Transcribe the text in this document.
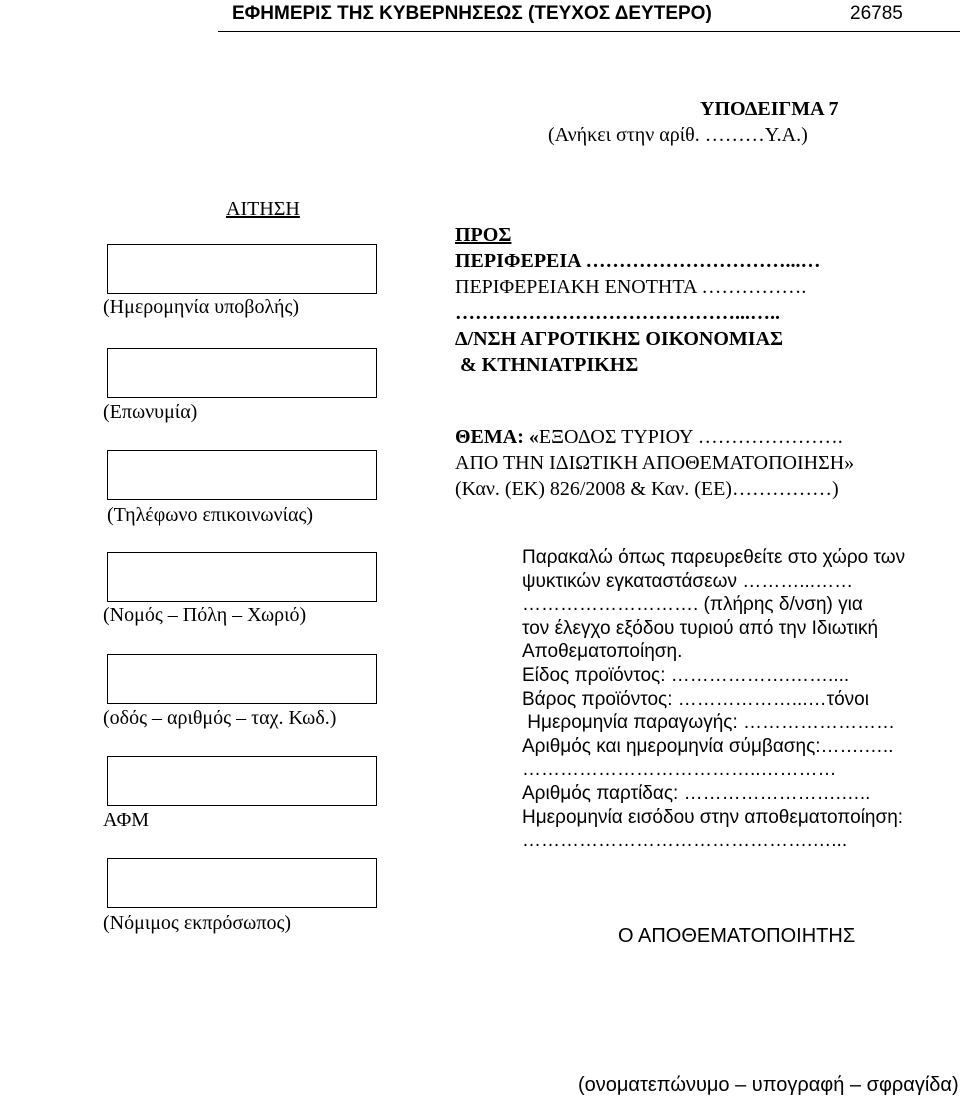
ΕΦΗΜΕΡΙΣ ΤΗΣ ΚΥΒΕΡΝΗΣΕΩΣ (ΤΕΥΧΟΣ ΔΕΥΤΕΡΟ)	26785
ΥΠΟΔΕΙΓΜΑ 7
(Ανήκει στην αρίθ. ………Υ.Α.)
ΑΙΤΗΣΗ
(Ημερομηνία υποβολής)
(Επωνυμία)
(Τηλέφωνο επικοινωνίας)
(Νομός – Πόλη – Χωριό)
(οδός – αριθμός – ταχ. Κωδ.)
ΑΦΜ
(Νόμιμος εκπρόσωπος)
ΠΡΟΣ
ΠΕΡΙΦΕΡΕΙΑ …………………………...…
ΠΕΡΙΦΕΡΕΙΑΚΗ ΕΝΟΤΗΤΑ …………….
……………………………………...…..
Δ/ΝΣΗ ΑΓΡΟΤΙΚΗΣ ΟΙΚΟΝΟΜΙΑΣ
& ΚΤΗΝΙΑΤΡΙΚΗΣ
ΘΕΜΑ: «ΕΞΟΔΟΣ ΤΥΡΙΟΥ ………………….
ΑΠΟ ΤΗΝ ΙΔΙΩΤΙΚΗ ΑΠΟΘΕΜΑΤΟΠΟΙΗΣΗ»
(Καν. (ΕΚ) 826/2008 & Καν. (ΕΕ)……………)
Παρακαλώ όπως παρευρεθείτε στο χώρο των
ψυκτικών εγκαταστάσεων ………...……
………………………. (πλήρης δ/νση) για
τον έλεγχο εξόδου τυριού από την Ιδιωτική
Αποθεματοποίηση.
Είδος προϊόντος: ……………….……....
Βάρος προϊόντος: ………………...…τόνοι
Ημερομηνία παραγωγής: ……………………
Αριθμός και ημερομηνία σύμβασης:…….…..
………………………………..…………
Αριθμός παρτίδας: …………………….…..
Ημερομηνία εισόδου στην αποθεματοποίηση:
……………………………………….…...
Ο ΑΠΟΘΕΜΑΤΟΠΟΙΗΤΗΣ
(ονοματεπώνυμο – υπογραφή – σφραγίδα)
